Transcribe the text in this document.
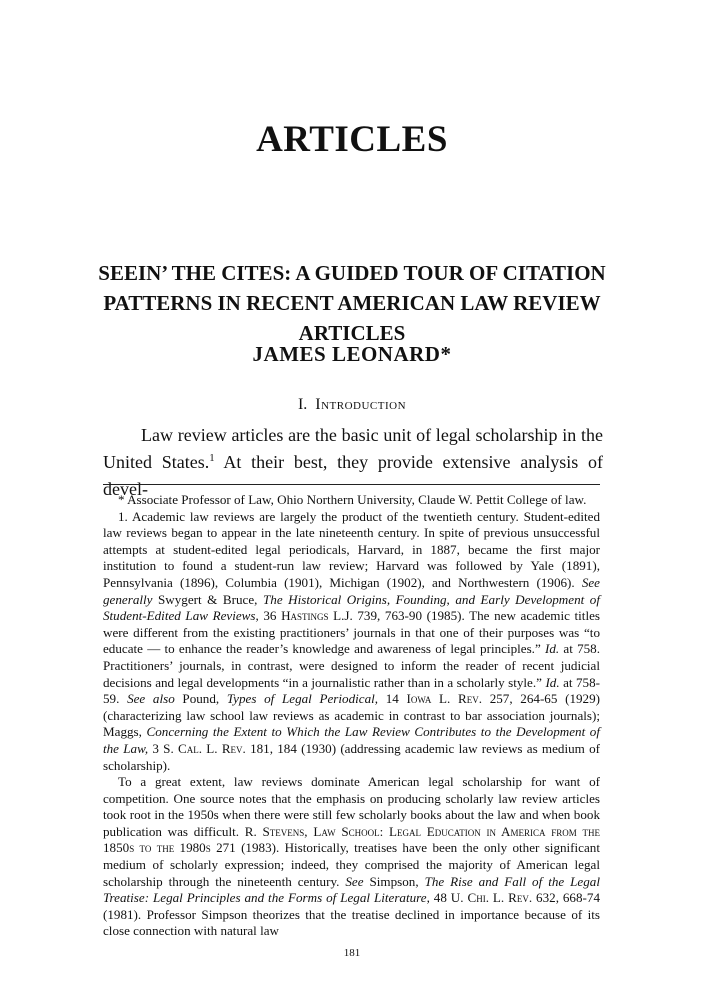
ARTICLES
SEEIN’ THE CITES: A GUIDED TOUR OF CITATION
PATTERNS IN RECENT AMERICAN LAW REVIEW ARTICLES
JAMES LEONARD*
I. Introduction

Law review articles are the basic unit of legal scholarship in the United States.$^1$ At their best, they provide extensive analysis of devel-

* Associate Professor of Law, Ohio Northern University, Claude W. Pettit College of law.

1. Academic law reviews are largely the product of the twentieth century. Student-edited law reviews began to appear in the late nineteenth century. In spite of previous unsuccessful attempts at student-edited legal periodicals, Harvard, in 1887, became the first major institution to found a student-run law review; Harvard was followed by Yale (1891), Pennsylvania (1896), Columbia (1901), Michigan (1902), and Northwestern (1906). See generally Swygert & Bruce, The Historical Origins, Founding, and Early Development of Student-Edited Law Reviews, 36 Hastings L.J. 739, 763-90 (1985). The new academic titles were different from the existing practitioners’ journals in that one of their purposes was “to educate — to enhance the reader’s knowledge and awareness of legal principles.” Id. at 758. Practitioners’ journals, in contrast, were designed to inform the reader of recent judicial decisions and legal developments “in a journalistic rather than in a scholarly style.” Id. at 758-59. See also Pound, Types of Legal Periodical, 14 Iowa L. Rev. 257, 264-65 (1929) (characterizing law school law reviews as academic in contrast to bar association journals); Maggs, Concerning the Extent to Which the Law Review Contributes to the Development of the Law, 3 S. Cal. L. Rev. 181, 184 (1930) (addressing academic law reviews as medium of scholarship).

To a great extent, law reviews dominate American legal scholarship for want of competition. One source notes that the emphasis on producing scholarly law review articles took root in the 1950s when there were still few scholarly books about the law and when book publication was difficult. R. Stevens, Law School: Legal Education in America from the 1850s to the 1980s 271 (1983). Historically, treatises have been the only other significant medium of scholarly expression; indeed, they comprised the majority of American legal scholarship through the nineteenth century. See Simpson, The Rise and Fall of the Legal Treatise: Legal Principles and the Forms of Legal Literature, 48 U. Chi. L. Rev. 632, 668-74 (1981). Professor Simpson theorizes that the treatise declined in importance because of its close connection with natural law

181
